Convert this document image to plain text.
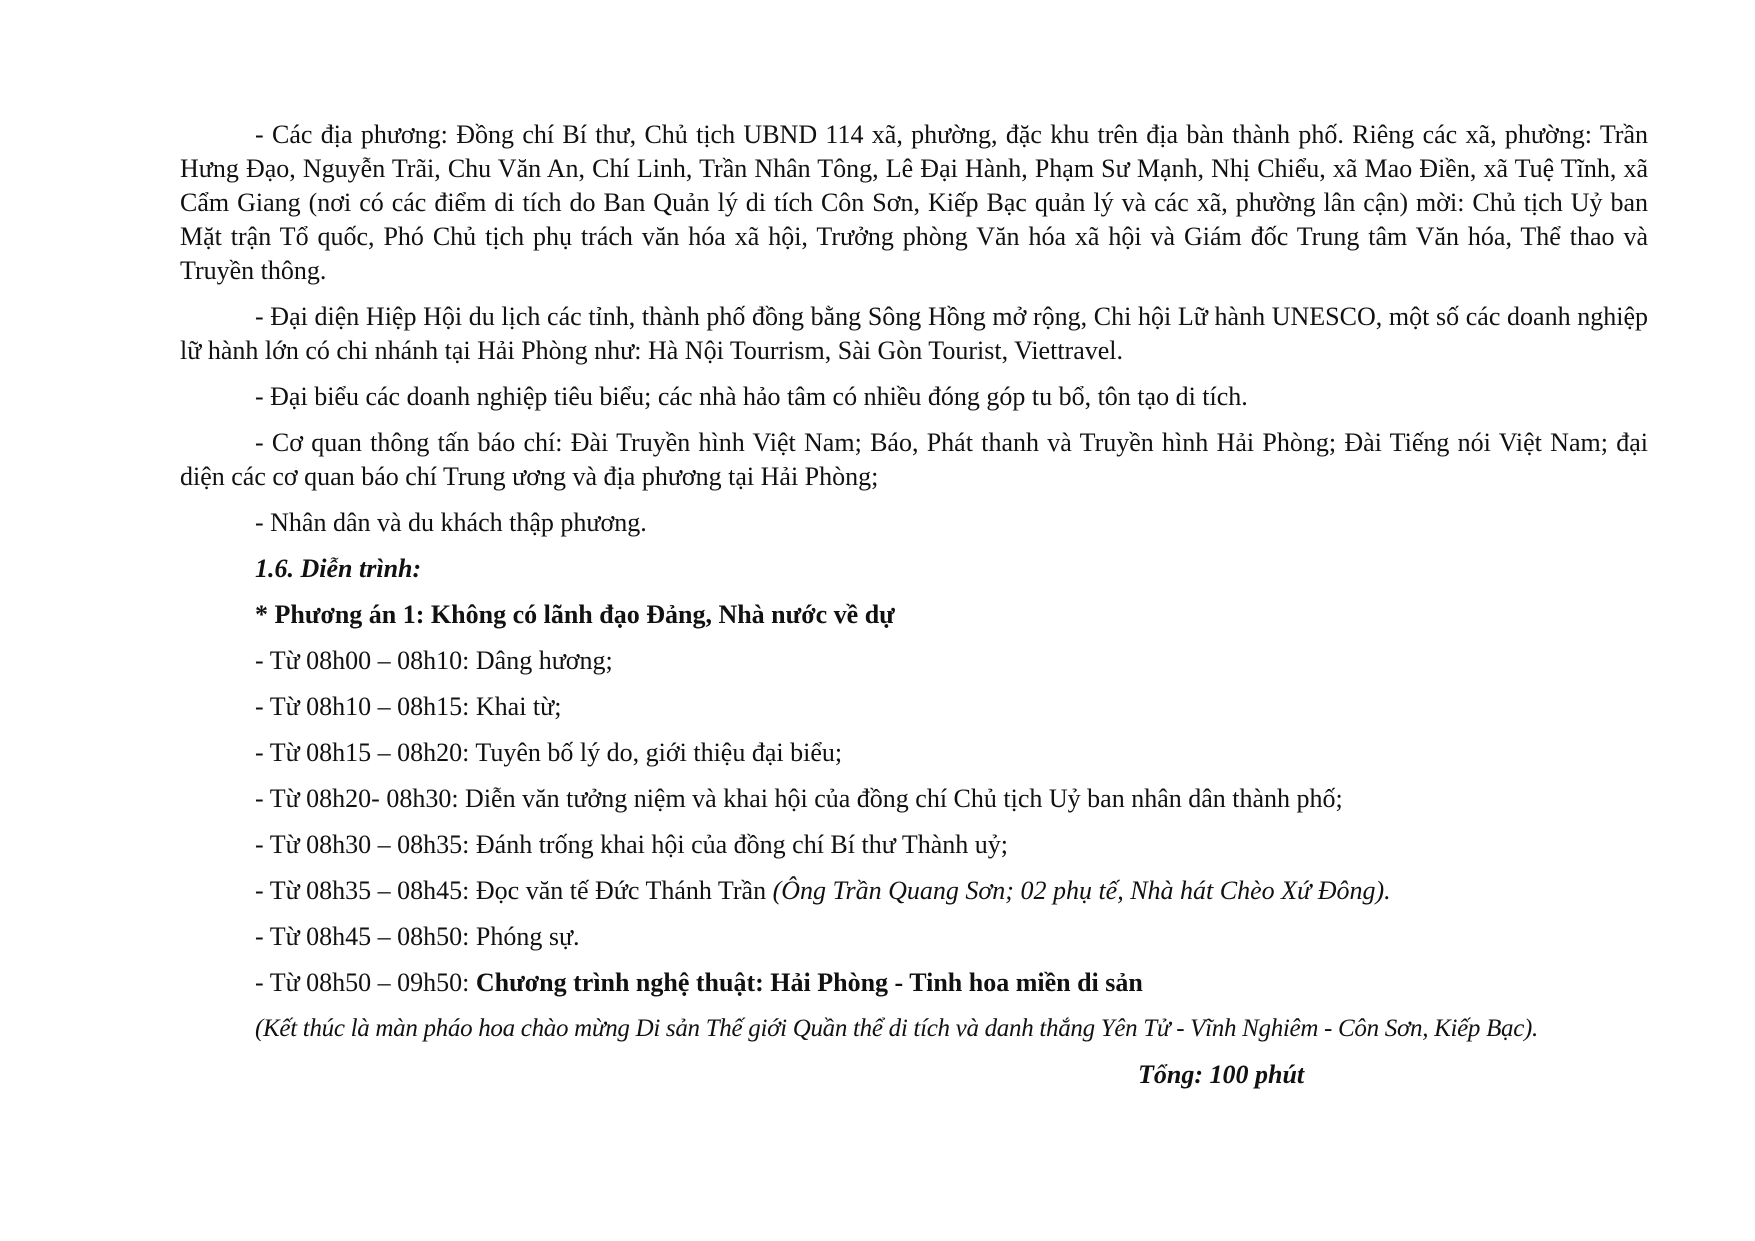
- Các địa phương: Đồng chí Bí thư, Chủ tịch UBND 114 xã, phường, đặc khu trên địa bàn thành phố. Riêng các xã, phường: Trần Hưng Đạo, Nguyễn Trãi, Chu Văn An, Chí Linh, Trần Nhân Tông, Lê Đại Hành, Phạm Sư Mạnh, Nhị Chiểu, xã Mao Điền, xã Tuệ Tĩnh, xã Cẩm Giang (nơi có các điểm di tích do Ban Quản lý di tích Côn Sơn, Kiếp Bạc quản lý và các xã, phường lân cận) mời: Chủ tịch Uỷ ban Mặt trận Tổ quốc, Phó Chủ tịch phụ trách văn hóa xã hội, Trưởng phòng Văn hóa xã hội và Giám đốc Trung tâm Văn hóa, Thể thao và Truyền thông.

- Đại diện Hiệp Hội du lịch các tỉnh, thành phố đồng bằng Sông Hồng mở rộng, Chi hội Lữ hành UNESCO, một số các doanh nghiệp lữ hành lớn có chi nhánh tại Hải Phòng như: Hà Nội Tourrism, Sài Gòn Tourist, Viettravel.

- Đại biểu các doanh nghiệp tiêu biểu; các nhà hảo tâm có nhiều đóng góp tu bổ, tôn tạo di tích.

- Cơ quan thông tấn báo chí: Đài Truyền hình Việt Nam; Báo, Phát thanh và Truyền hình Hải Phòng; Đài Tiếng nói Việt Nam; đại diện các cơ quan báo chí Trung ương và địa phương tại Hải Phòng;

- Nhân dân và du khách thập phương.

1.6. Diễn trình:

* Phương án 1: Không có lãnh đạo Đảng, Nhà nước về dự

- Từ 08h00 – 08h10: Dâng hương;

- Từ 08h10 – 08h15: Khai từ;

- Từ 08h15 – 08h20: Tuyên bố lý do, giới thiệu đại biểu;

- Từ 08h20- 08h30: Diễn văn tưởng niệm và khai hội của đồng chí Chủ tịch Uỷ ban nhân dân thành phố;

- Từ 08h30 – 08h35: Đánh trống khai hội của đồng chí Bí thư Thành uỷ;

- Từ 08h35 – 08h45: Đọc văn tế Đức Thánh Trần (Ông Trần Quang Sơn; 02 phụ tế, Nhà hát Chèo Xứ Đông).

- Từ 08h45 – 08h50: Phóng sự.

- Từ 08h50 – 09h50: Chương trình nghệ thuật: Hải Phòng - Tinh hoa miền di sản

(Kết thúc là màn pháo hoa chào mừng Di sản Thế giới Quần thể di tích và danh thắng Yên Tử - Vĩnh Nghiêm - Côn Sơn, Kiếp Bạc).

Tổng: 100 phút
